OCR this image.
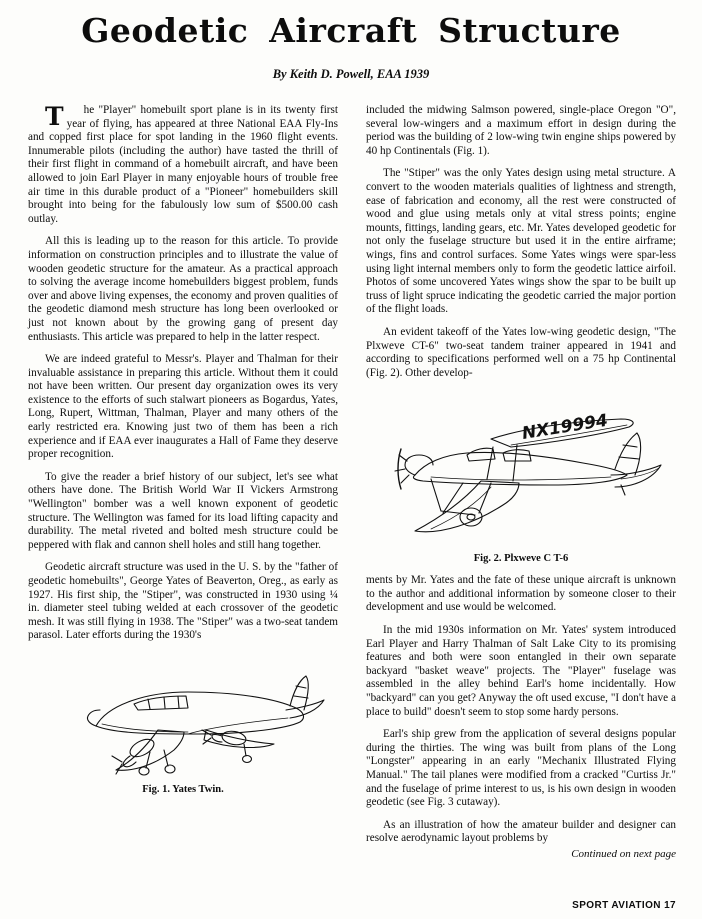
Geodetic Aircraft Structure
By Keith D. Powell, EAA 1939

T he "Player" homebuilt sport plane is in its twenty first year of flying, has appeared at three National EAA Fly-Ins and copped first place for spot landing in the 1960 flight events. Innumerable pilots (including the author) have tasted the thrill of their first flight in command of a homebuilt aircraft, and have been allowed to join Earl Player in many enjoyable hours of trouble free air time in this durable product of a "Pioneer" homebuilders skill brought into being for the fabulously low sum of $500.00 cash outlay.

All this is leading up to the reason for this article. To provide information on construction principles and to illustrate the value of wooden geodetic structure for the amateur. As a practical approach to solving the average income homebuilders biggest problem, funds over and above living expenses, the economy and proven qualities of the geodetic diamond mesh structure has long been overlooked or just not known about by the growing gang of present day enthusiasts. This article was prepared to help in the latter respect.

We are indeed grateful to Messr's. Player and Thalman for their invaluable assistance in preparing this article. Without them it could not have been written. Our present day organization owes its very existence to the efforts of such stalwart pioneers as Bogardus, Yates, Long, Rupert, Wittman, Thalman, Player and many others of the early restricted era. Knowing just two of them has been a rich experience and if EAA ever inaugurates a Hall of Fame they deserve proper recognition.

To give the reader a brief history of our subject, let's see what others have done. The British World War II Vickers Armstrong "Wellington" bomber was a well known exponent of geodetic structure. The Wellington was famed for its load lifting capacity and durability. The metal riveted and bolted mesh structure could be peppered with flak and cannon shell holes and still hang together.

Geodetic aircraft structure was used in the U. S. by the "father of geodetic homebuilts", George Yates of Beaverton, Oreg., as early as 1927. His first ship, the "Stiper", was constructed in 1930 using ¼ in. diameter steel tubing welded at each crossover of the geodetic mesh. It was still flying in 1938. The "Stiper" was a two-seat tandem parasol. Later efforts during the 1930's

Fig. 1. Yates Twin.

included the midwing Salmson powered, single-place Oregon "O", several low-wingers and a maximum effort in design during the period was the building of 2 low-wing twin engine ships powered by 40 hp Continentals (Fig. 1).

The "Stiper" was the only Yates design using metal structure. A convert to the wooden materials qualities of lightness and strength, ease of fabrication and economy, all the rest were constructed of wood and glue using metals only at vital stress points; engine mounts, fittings, landing gears, etc. Mr. Yates developed geodetic for not only the fuselage structure but used it in the entire airframe; wings, fins and control surfaces. Some Yates wings were spar-less using light internal members only to form the geodetic lattice airfoil. Photos of some uncovered Yates wings show the spar to be built up truss of light spruce indicating the geodetic carried the major portion of the flight loads.

An evident takeoff of the Yates low-wing geodetic design, "The Plxweve CT-6" two-seat tandem trainer appeared in 1941 and according to specifications performed well on a 75 hp Continental (Fig. 2). Other develop-

NX19994
Fig. 2. Plxweve C T-6

ments by Mr. Yates and the fate of these unique aircraft is unknown to the author and additional information by someone closer to their development and use would be welcomed.

In the mid 1930s information on Mr. Yates' system introduced Earl Player and Harry Thalman of Salt Lake City to its promising features and both were soon entangled in their own separate backyard "basket weave" projects. The "Player" fuselage was assembled in the alley behind Earl's home incidentally. How "backyard" can you get? Anyway the oft used excuse, "I don't have a place to build" doesn't seem to stop some hardy persons.

Earl's ship grew from the application of several designs popular during the thirties. The wing was built from plans of the Long "Longster" appearing in an early "Mechanix Illustrated Flying Manual." The tail planes were modified from a cracked "Curtiss Jr." and the fuselage of prime interest to us, is his own design in wooden geodetic (see Fig. 3 cutaway).

As an illustration of how the amateur builder and designer can resolve aerodynamic layout problems by

Continued on next page
SPORT AVIATION 17
